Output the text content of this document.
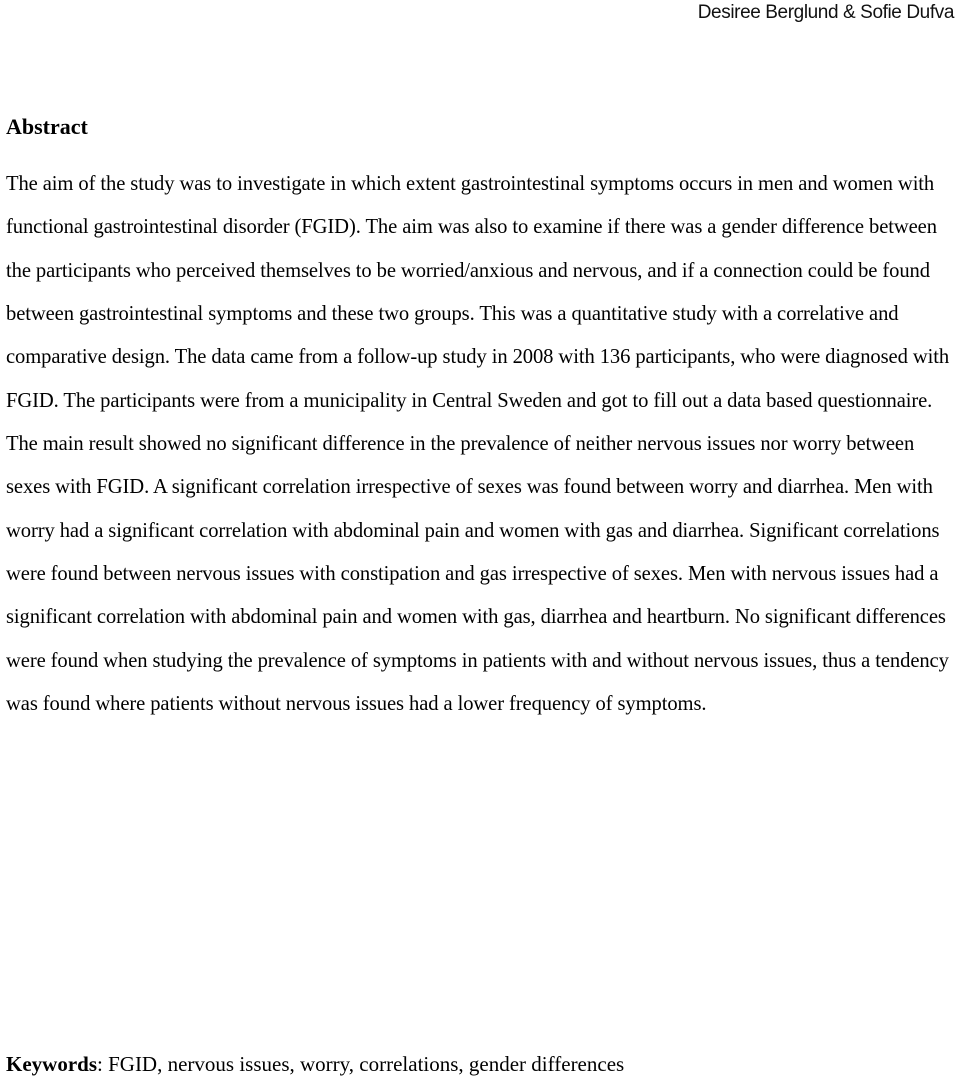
Desiree Berglund & Sofie Dufva
Abstract

The aim of the study was to investigate in which extent gastrointestinal symptoms occurs in men and women with functional gastrointestinal disorder (FGID). The aim was also to examine if there was a gender difference between the participants who perceived themselves to be worried/anxious and nervous, and if a connection could be found between gastrointestinal symptoms and these two groups. This was a quantitative study with a correlative and comparative design. The data came from a follow-up study in 2008 with 136 participants, who were diagnosed with FGID. The participants were from a municipality in Central Sweden and got to fill out a data based questionnaire. The main result showed no significant difference in the prevalence of neither nervous issues nor worry between sexes with FGID. A significant correlation irrespective of sexes was found between worry and diarrhea. Men with worry had a significant correlation with abdominal pain and women with gas and diarrhea. Significant correlations were found between nervous issues with constipation and gas irrespective of sexes. Men with nervous issues had a significant correlation with abdominal pain and women with gas, diarrhea and heartburn. No significant differences were found when studying the prevalence of symptoms in patients with and without nervous issues, thus a tendency was found where patients without nervous issues had a lower frequency of symptoms.

Keywords: FGID, nervous issues, worry, correlations, gender differences
